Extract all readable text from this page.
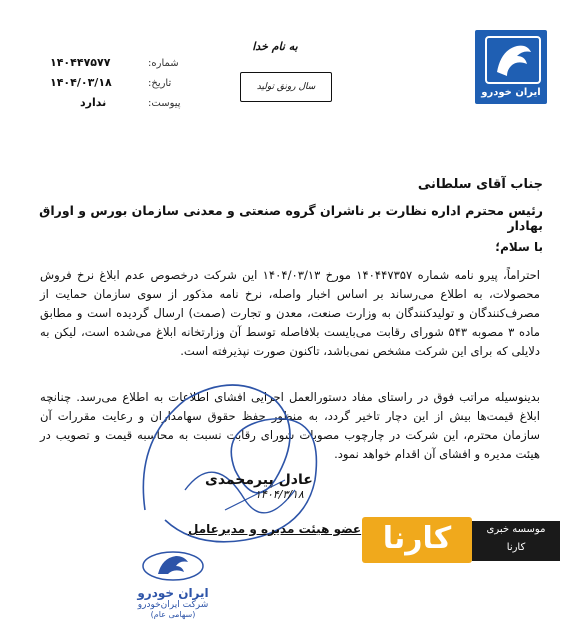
ایران خودرو
به نام خدا
سال رونق تولید
۱۴۰۴۴۷۵۷۷	شماره:
۱۴۰۴/۰۳/۱۸	تاریخ:
ندارد	پیوست:
جناب آقای سلطانی
رئیس محترم اداره نظارت بر ناشران گروه صنعتی و معدنی سازمان بورس و اوراق بهادار
با سلام؛
احتراماً، پیرو نامه شماره ۱۴۰۴۴۷۳۵۷ مورخ ۱۴۰۴/۰۳/۱۳ این شرکت درخصوص عدم ابلاغ نرخ فروش محصولات، به اطلاع می‌رساند بر اساس اخبار واصله، نرخ نامه مذکور از سوی سازمان حمایت از مصرف‌کنندگان و تولیدکنندگان به وزارت صنعت، معدن و تجارت (صمت) ارسال گردیده است و مطابق ماده ۳ مصوبه ۵۴۳ شورای رقابت می‌بایست بلافاصله توسط آن وزارتخانه ابلاغ می‌شده است، لیکن به دلایلی که برای این شرکت مشخص نمی‌باشد، تاکنون صورت نپذیرفته است.
بدینوسیله مراتب فوق در راستای مفاد دستورالعمل اجرایی افشای اطلاعات به اطلاع می‌رسد. چنانچه ابلاغ قیمت‌ها بیش از این دچار تاخیر گردد، به منظور حفظ حقوق سهامداران و رعایت مقررات آن سازمان محترم، این شرکت در چارچوب مصوبات شورای رقابت نسبت به محاسبه قیمت و تصویب در هیئت مدیره و افشای آن اقدام خواهد نمود.
عادل پیرمحمدی
۱۴۰۴/۳/۱۸
عضو هیئت مدیره و مدیرعامل
ایران خودرو
شرکت ایران‌خودرو
(سهامی عام)
کارنا	موسسه خبری
کارنا
